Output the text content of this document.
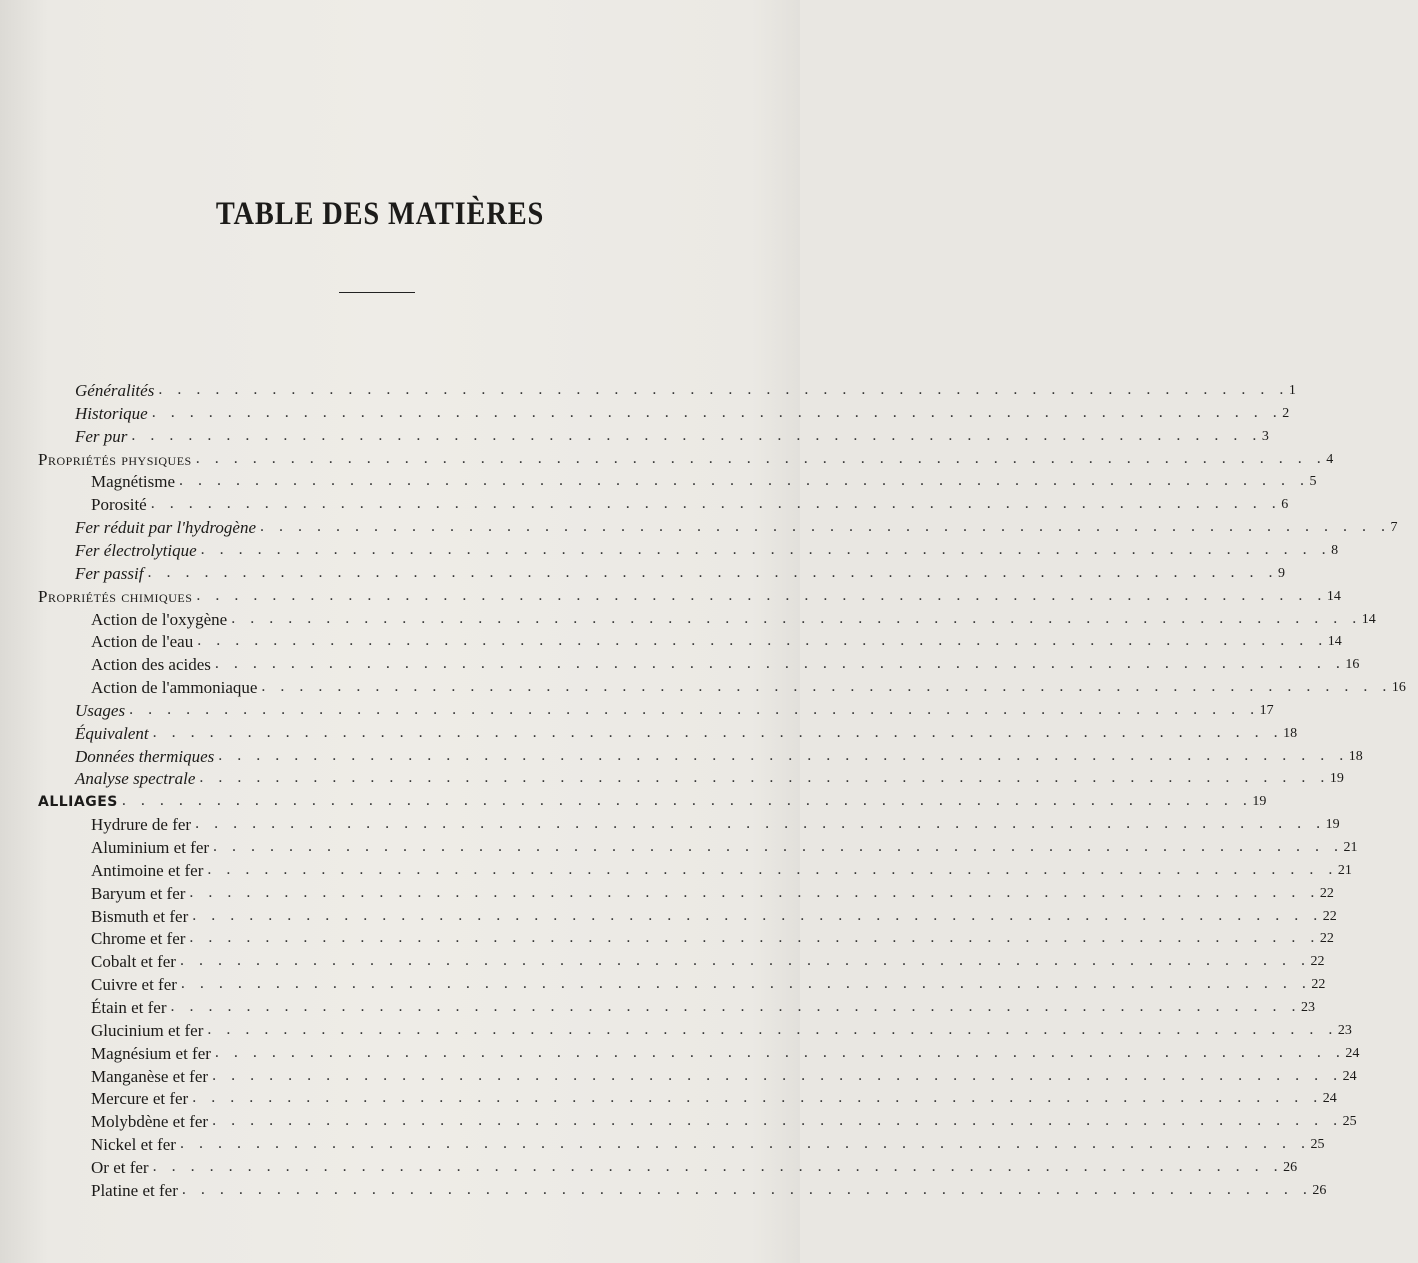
TABLE DES MATIÈRES
Généralités . . . . . . . . . . . . . . . . . . . . . . . . . . . . . . . . . . . . . . . . . . . . . . . . . . . . . . . . . . . . 1
Historique . . . . . . . . . . . . . . . . . . . . . . . . . . . . . . . . . . . . . . . . . . . . . . . . . . . . . . . . . . . . 2
Fer pur . . . . . . . . . . . . . . . . . . . . . . . . . . . . . . . . . . . . . . . . . . . . . . . . . . . . . . . . . . . . 3
Propriétés physiques . . . . . . . . . . . . . . . . . . . . . . . . . . . . . . . . . . . . . . . . . . . . . . . . . . . . . . . . . . . . 4
Magnétisme . . . . . . . . . . . . . . . . . . . . . . . . . . . . . . . . . . . . . . . . . . . . . . . . . . . . . . . . . . . . 5
Porosité . . . . . . . . . . . . . . . . . . . . . . . . . . . . . . . . . . . . . . . . . . . . . . . . . . . . . . . . . . . . 6
Fer réduit par l'hydrogène . . . . . . . . . . . . . . . . . . . . . . . . . . . . . . . . . . . . . . . . . . . . . . . . . . . . . . . . . . . . 7
Fer électrolytique . . . . . . . . . . . . . . . . . . . . . . . . . . . . . . . . . . . . . . . . . . . . . . . . . . . . . . . . . . . . 8
Fer passif . . . . . . . . . . . . . . . . . . . . . . . . . . . . . . . . . . . . . . . . . . . . . . . . . . . . . . . . . . . . 9
Propriétés chimiques . . . . . . . . . . . . . . . . . . . . . . . . . . . . . . . . . . . . . . . . . . . . . . . . . . . . . . . . . . . . 14
Action de l'oxygène . . . . . . . . . . . . . . . . . . . . . . . . . . . . . . . . . . . . . . . . . . . . . . . . . . . . . . . . . . . . 14
Action de l'eau . . . . . . . . . . . . . . . . . . . . . . . . . . . . . . . . . . . . . . . . . . . . . . . . . . . . . . . . . . . . 14
Action des acides . . . . . . . . . . . . . . . . . . . . . . . . . . . . . . . . . . . . . . . . . . . . . . . . . . . . . . . . . . . . 16
Action de l'ammoniaque . . . . . . . . . . . . . . . . . . . . . . . . . . . . . . . . . . . . . . . . . . . . . . . . . . . . . . . . . . . . 16
Usages . . . . . . . . . . . . . . . . . . . . . . . . . . . . . . . . . . . . . . . . . . . . . . . . . . . . . . . . . . . . 17
Équivalent . . . . . . . . . . . . . . . . . . . . . . . . . . . . . . . . . . . . . . . . . . . . . . . . . . . . . . . . . . . . 18
Données thermiques . . . . . . . . . . . . . . . . . . . . . . . . . . . . . . . . . . . . . . . . . . . . . . . . . . . . . . . . . . . . 18
Analyse spectrale . . . . . . . . . . . . . . . . . . . . . . . . . . . . . . . . . . . . . . . . . . . . . . . . . . . . . . . . . . . . 19
ALLIAGES . . . . . . . . . . . . . . . . . . . . . . . . . . . . . . . . . . . . . . . . . . . . . . . . . . . . . . . . . . . . 19
Hydrure de fer . . . . . . . . . . . . . . . . . . . . . . . . . . . . . . . . . . . . . . . . . . . . . . . . . . . . . . . . . . . . 19
Aluminium et fer . . . . . . . . . . . . . . . . . . . . . . . . . . . . . . . . . . . . . . . . . . . . . . . . . . . . . . . . . . . . 21
Antimoine et fer . . . . . . . . . . . . . . . . . . . . . . . . . . . . . . . . . . . . . . . . . . . . . . . . . . . . . . . . . . . . 21
Baryum et fer . . . . . . . . . . . . . . . . . . . . . . . . . . . . . . . . . . . . . . . . . . . . . . . . . . . . . . . . . . . . 22
Bismuth et fer . . . . . . . . . . . . . . . . . . . . . . . . . . . . . . . . . . . . . . . . . . . . . . . . . . . . . . . . . . . . 22
Chrome et fer . . . . . . . . . . . . . . . . . . . . . . . . . . . . . . . . . . . . . . . . . . . . . . . . . . . . . . . . . . . . 22
Cobalt et fer . . . . . . . . . . . . . . . . . . . . . . . . . . . . . . . . . . . . . . . . . . . . . . . . . . . . . . . . . . . . 22
Cuivre et fer . . . . . . . . . . . . . . . . . . . . . . . . . . . . . . . . . . . . . . . . . . . . . . . . . . . . . . . . . . . . 22
Étain et fer . . . . . . . . . . . . . . . . . . . . . . . . . . . . . . . . . . . . . . . . . . . . . . . . . . . . . . . . . . . . 23
Glucinium et fer . . . . . . . . . . . . . . . . . . . . . . . . . . . . . . . . . . . . . . . . . . . . . . . . . . . . . . . . . . . . 23
Magnésium et fer . . . . . . . . . . . . . . . . . . . . . . . . . . . . . . . . . . . . . . . . . . . . . . . . . . . . . . . . . . . . 24
Manganèse et fer . . . . . . . . . . . . . . . . . . . . . . . . . . . . . . . . . . . . . . . . . . . . . . . . . . . . . . . . . . . . 24
Mercure et fer . . . . . . . . . . . . . . . . . . . . . . . . . . . . . . . . . . . . . . . . . . . . . . . . . . . . . . . . . . . . 24
Molybdène et fer . . . . . . . . . . . . . . . . . . . . . . . . . . . . . . . . . . . . . . . . . . . . . . . . . . . . . . . . . . . . 25
Nickel et fer . . . . . . . . . . . . . . . . . . . . . . . . . . . . . . . . . . . . . . . . . . . . . . . . . . . . . . . . . . . . 25
Or et fer . . . . . . . . . . . . . . . . . . . . . . . . . . . . . . . . . . . . . . . . . . . . . . . . . . . . . . . . . . . . 26
Platine et fer . . . . . . . . . . . . . . . . . . . . . . . . . . . . . . . . . . . . . . . . . . . . . . . . . . . . . . . . . . . . 26
